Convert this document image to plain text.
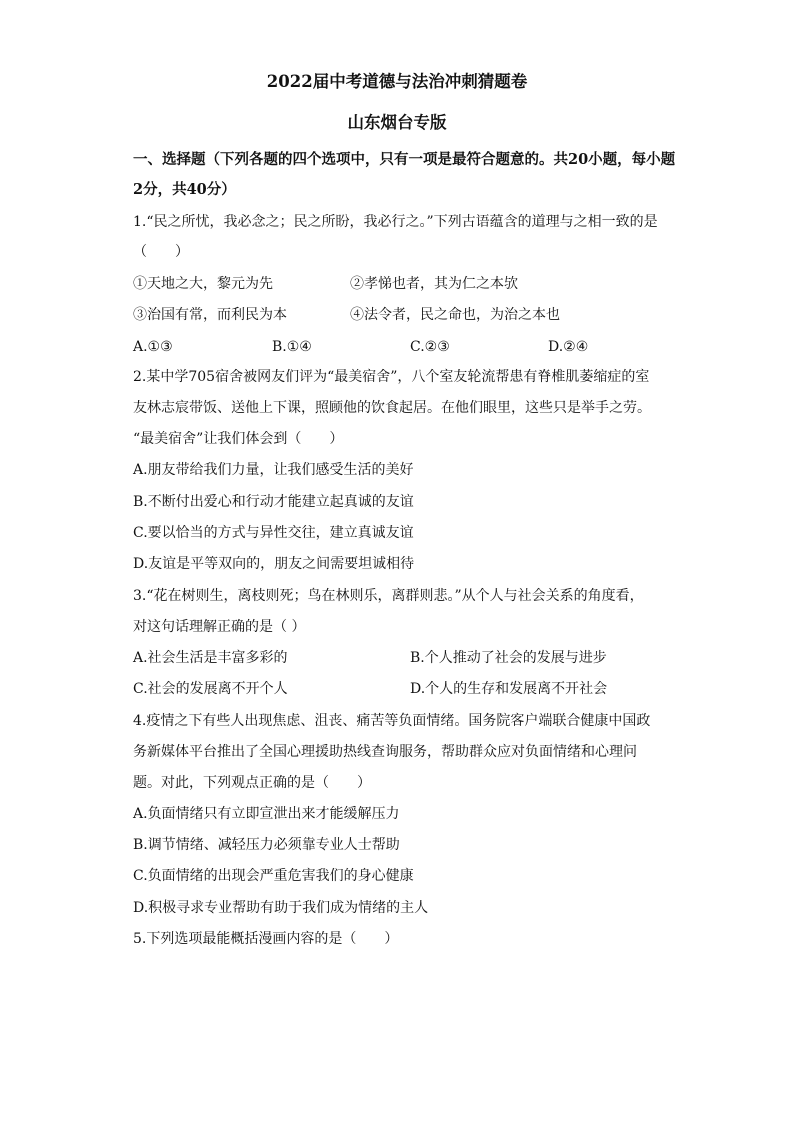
2022届中考道德与法治冲刺猜题卷
山东烟台专版
一、选择题（下列各题的四个选项中，只有一项是最符合题意的。共20小题，每小题
2分，共40分）
1.“民之所忧，我必念之；民之所盼，我必行之。”下列古语蕴含的道理与之相一致的是
（　　）
①天地之大，黎元为先	②孝悌也者，其为仁之本欤
③治国有常，而利民为本	④法令者，民之命也，为治之本也
A.①③	B.①④	C.②③	D.②④
2.某中学705宿舍被网友们评为“最美宿舍”，八个室友轮流帮患有脊椎肌萎缩症的室
友林志宸带饭、送他上下课，照顾他的饮食起居。在他们眼里，这些只是举手之劳。
“最美宿舍”让我们体会到（　　）
A.朋友带给我们力量，让我们感受生活的美好
B.不断付出爱心和行动才能建立起真诚的友谊
C.要以恰当的方式与异性交往，建立真诚友谊
D.友谊是平等双向的，朋友之间需要坦诚相待
3.“花在树则生，离枝则死；鸟在林则乐，离群则悲。”从个人与社会关系的角度看，
对这句话理解正确的是（ ）
A.社会生活是丰富多彩的	B.个人推动了社会的发展与进步
C.社会的发展离不开个人	D.个人的生存和发展离不开社会
4.疫情之下有些人出现焦虑、沮丧、痛苦等负面情绪。国务院客户端联合健康中国政
务新媒体平台推出了全国心理援助热线查询服务，帮助群众应对负面情绪和心理问
题。对此，下列观点正确的是（　　）
A.负面情绪只有立即宣泄出来才能缓解压力
B.调节情绪、减轻压力必须靠专业人士帮助
C.负面情绪的出现会严重危害我们的身心健康
D.积极寻求专业帮助有助于我们成为情绪的主人
5.下列选项最能概括漫画内容的是（　　）
